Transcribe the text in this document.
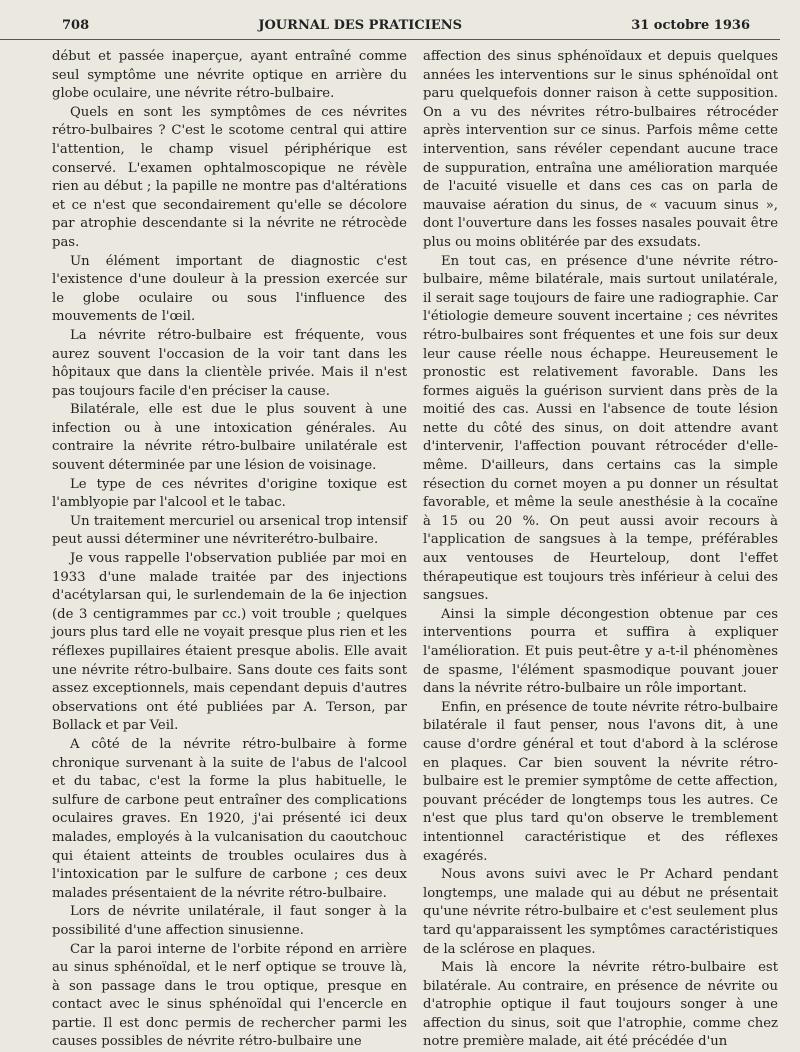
708	JOURNAL DES PRATICIENS	31 octobre 1936

début et passée inaperçue, ayant entraîné comme seul symptôme une névrite optique en arrière du globe oculaire, une névrite rétro-bulbaire.

Quels en sont les symptômes de ces névrites rétro-bulbaires ? C'est le scotome central qui attire l'attention, le champ visuel périphérique est conservé. L'examen ophtalmoscopique ne révèle rien au début ; la papille ne montre pas d'altérations et ce n'est que secondairement qu'elle se décolore par atrophie descendante si la névrite ne rétrocède pas.

Un élément important de diagnostic c'est l'existence d'une douleur à la pression exercée sur le globe oculaire ou sous l'influence des mouvements de l'œil.

La névrite rétro-bulbaire est fréquente, vous aurez souvent l'occasion de la voir tant dans les hôpitaux que dans la clientèle privée. Mais il n'est pas toujours facile d'en préciser la cause.

Bilatérale, elle est due le plus souvent à une infection ou à une intoxication générales. Au contraire la névrite rétro-bulbaire unilatérale est souvent déterminée par une lésion de voisinage.

Le type de ces névrites d'origine toxique est l'amblyopie par l'alcool et le tabac.

Un traitement mercuriel ou arsenical trop intensif peut aussi déterminer une névriterétro-bulbaire.

Je vous rappelle l'observation publiée par moi en 1933 d'une malade traitée par des injections d'acétylarsan qui, le surlendemain de la 6e injection (de 3 centigrammes par cc.) voit trouble ; quelques jours plus tard elle ne voyait presque plus rien et les réflexes pupillaires étaient presque abolis. Elle avait une névrite rétro-bulbaire. Sans doute ces faits sont assez exceptionnels, mais cependant depuis d'autres observations ont été publiées par A. Terson, par Bollack et par Veil.

A côté de la névrite rétro-bulbaire à forme chronique survenant à la suite de l'abus de l'alcool et du tabac, c'est la forme la plus habituelle, le sulfure de carbone peut entraîner des complications oculaires graves. En 1920, j'ai présenté ici deux malades, employés à la vulcanisation du caoutchouc qui étaient atteints de troubles oculaires dus à l'intoxication par le sulfure de carbone ; ces deux malades présentaient de la névrite rétro-bulbaire.

Lors de névrite unilatérale, il faut songer à la possibilité d'une affection sinusienne.

Car la paroi interne de l'orbite répond en arrière au sinus sphénoïdal, et le nerf optique se trouve là, à son passage dans le trou optique, presque en contact avec le sinus sphénoïdal qui l'encercle en partie. Il est donc permis de rechercher parmi les causes possibles de névrite rétro-bulbaire une

affection des sinus sphénoïdaux et depuis quelques années les interventions sur le sinus sphénoïdal ont paru quelquefois donner raison à cette supposition. On a vu des névrites rétro-bulbaires rétrocéder après intervention sur ce sinus. Parfois même cette intervention, sans révéler cependant aucune trace de suppuration, entraîna une amélioration marquée de l'acuité visuelle et dans ces cas on parla de mauvaise aération du sinus, de « vacuum sinus », dont l'ouverture dans les fosses nasales pouvait être plus ou moins oblitérée par des exsudats.

En tout cas, en présence d'une névrite rétro-bulbaire, même bilatérale, mais surtout unilatérale, il serait sage toujours de faire une radiographie. Car l'étiologie demeure souvent incertaine ; ces névrites rétro-bulbaires sont fréquentes et une fois sur deux leur cause réelle nous échappe. Heureusement le pronostic est relativement favorable. Dans les formes aiguës la guérison survient dans près de la moitié des cas. Aussi en l'absence de toute lésion nette du côté des sinus, on doit attendre avant d'intervenir, l'affection pouvant rétrocéder d'elle-même. D'ailleurs, dans certains cas la simple résection du cornet moyen a pu donner un résultat favorable, et même la seule anesthésie à la cocaïne à 15 ou 20 %. On peut aussi avoir recours à l'application de sangsues à la tempe, préférables aux ventouses de Heurteloup, dont l'effet thérapeutique est toujours très inférieur à celui des sangsues.

Ainsi la simple décongestion obtenue par ces interventions pourra et suffira à expliquer l'amélioration. Et puis peut-être y a-t-il phénomènes de spasme, l'élément spasmodique pouvant jouer dans la névrite rétro-bulbaire un rôle important.

Enfin, en présence de toute névrite rétro-bulbaire bilatérale il faut penser, nous l'avons dit, à une cause d'ordre général et tout d'abord à la sclérose en plaques. Car bien souvent la névrite rétro-bulbaire est le premier symptôme de cette affection, pouvant précéder de longtemps tous les autres. Ce n'est que plus tard qu'on observe le tremblement intentionnel caractéristique et des réflexes exagérés.

Nous avons suivi avec le Pr Achard pendant longtemps, une malade qui au début ne présentait qu'une névrite rétro-bulbaire et c'est seulement plus tard qu'apparaissent les symptômes caractéristiques de la sclérose en plaques.

Mais là encore la névrite rétro-bulbaire est bilatérale. Au contraire, en présence de névrite ou d'atrophie optique il faut toujours songer à une affection du sinus, soit que l'atrophie, comme chez notre première malade, ait été précédée d'un
